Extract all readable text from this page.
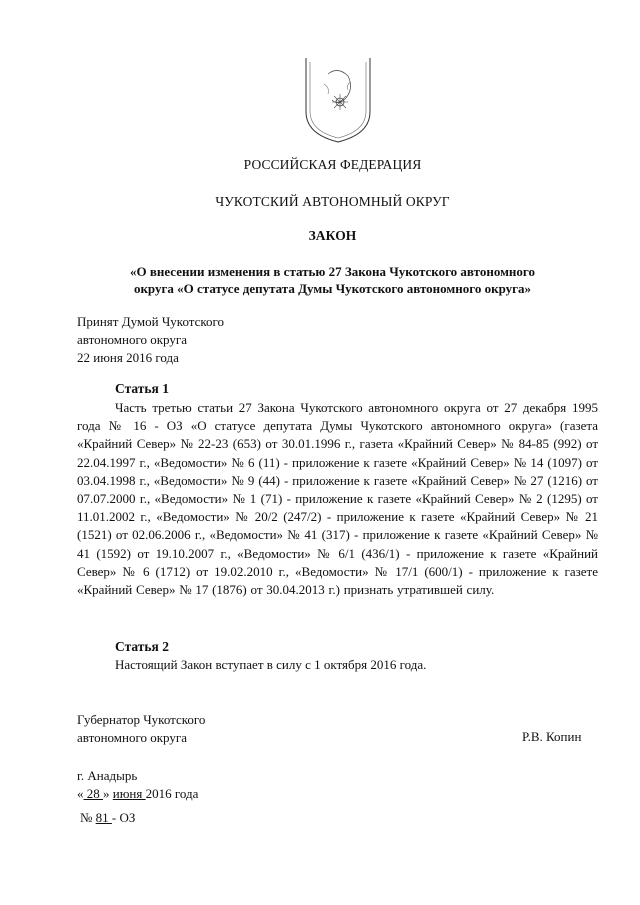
РОССИЙСКАЯ ФЕДЕРАЦИЯ
ЧУКОТСКИЙ АВТОНОМНЫЙ ОКРУГ
ЗАКОН
«О внесении изменения в статью 27 Закона Чукотского автономного
округа «О статусе депутата Думы Чукотского автономного округа»
Принят Думой Чукотского
автономного округа
22 июня 2016 года
Статья 1
Часть третью статьи 27 Закона Чукотского автономного округа от 27 декабря 1995 года № 16 - ОЗ «О статусе депутата Думы Чукотского автономного округа» (газета «Крайний Север» № 22-23 (653) от 30.01.1996 г., газета «Крайний Север» № 84-85 (992) от 22.04.1997 г., «Ведомости» № 6 (11) - приложение к газете «Крайний Север» № 14 (1097) от 03.04.1998 г., «Ведомости» № 9 (44) - приложение к газете «Крайний Север» № 27 (1216) от 07.07.2000 г., «Ведомости» № 1 (71) - приложение к газете «Крайний Север» № 2 (1295) от 11.01.2002 г., «Ведомости» № 20/2 (247/2) - приложение к газете «Крайний Север» № 21 (1521) от 02.06.2006 г., «Ведомости» № 41 (317) - приложение к газете «Крайний Север» № 41 (1592) от 19.10.2007 г., «Ведомости» № 6/1 (436/1) - приложение к газете «Крайний Север» № 6 (1712) от 19.02.2010 г., «Ведомости» № 17/1 (600/1) - приложение к газете «Крайний Север» № 17 (1876) от 30.04.2013 г.) признать утратившей силу.
Статья 2
Настоящий Закон вступает в силу с 1 октября 2016 года.
Губернатор Чукотского
автономного округа	Р.В. Копин
г. Анадырь
« 28 » июня 2016 года
№ 81 - ОЗ
